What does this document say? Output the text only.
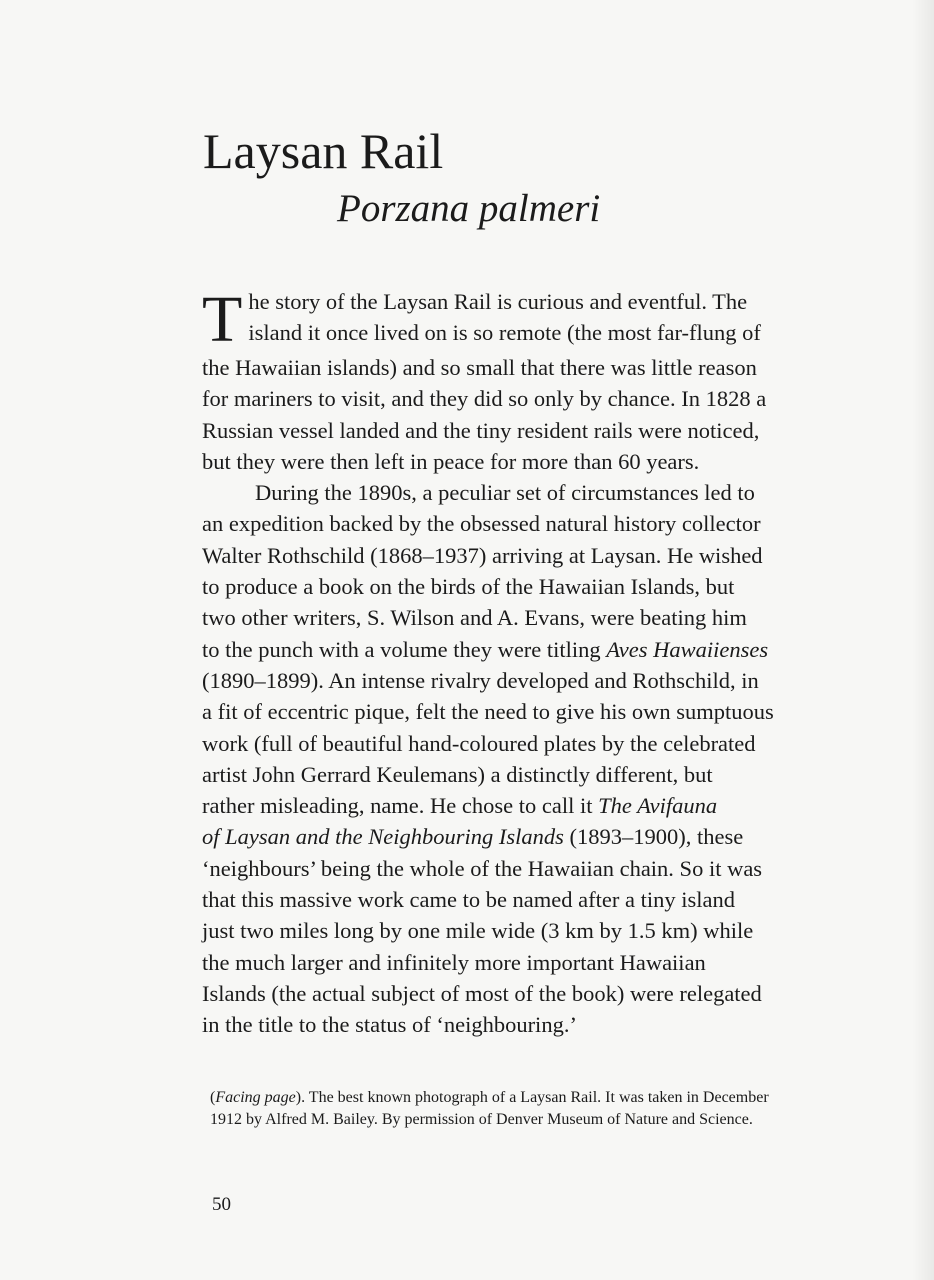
Laysan Rail
Porzana palmeri
T he story of the Laysan Rail is curious and eventful. The
island it once lived on is so remote (the most far-flung of
the Hawaiian islands) and so small that there was little reason
for mariners to visit, and they did so only by chance. In 1828 a
Russian vessel landed and the tiny resident rails were noticed,
but they were then left in peace for more than 60 years.
During the 1890s, a peculiar set of circumstances led to
an expedition backed by the obsessed natural history collector
Walter Rothschild (1868–1937) arriving at Laysan. He wished
to produce a book on the birds of the Hawaiian Islands, but
two other writers, S. Wilson and A. Evans, were beating him
to the punch with a volume they were titling Aves Hawaiienses
(1890–1899). An intense rivalry developed and Rothschild, in
a fit of eccentric pique, felt the need to give his own sumptuous
work (full of beautiful hand-coloured plates by the celebrated
artist John Gerrard Keulemans) a distinctly different, but
rather misleading, name. He chose to call it The Avifauna
of Laysan and the Neighbouring Islands (1893–1900), these
‘neighbours’ being the whole of the Hawaiian chain. So it was
that this massive work came to be named after a tiny island
just two miles long by one mile wide (3 km by 1.5 km) while
the much larger and infinitely more important Hawaiian
Islands (the actual subject of most of the book) were relegated
in the title to the status of ‘neighbouring.’
(Facing page). The best known photograph of a Laysan Rail. It was taken in December
1912 by Alfred M. Bailey. By permission of Denver Museum of Nature and Science.
50
